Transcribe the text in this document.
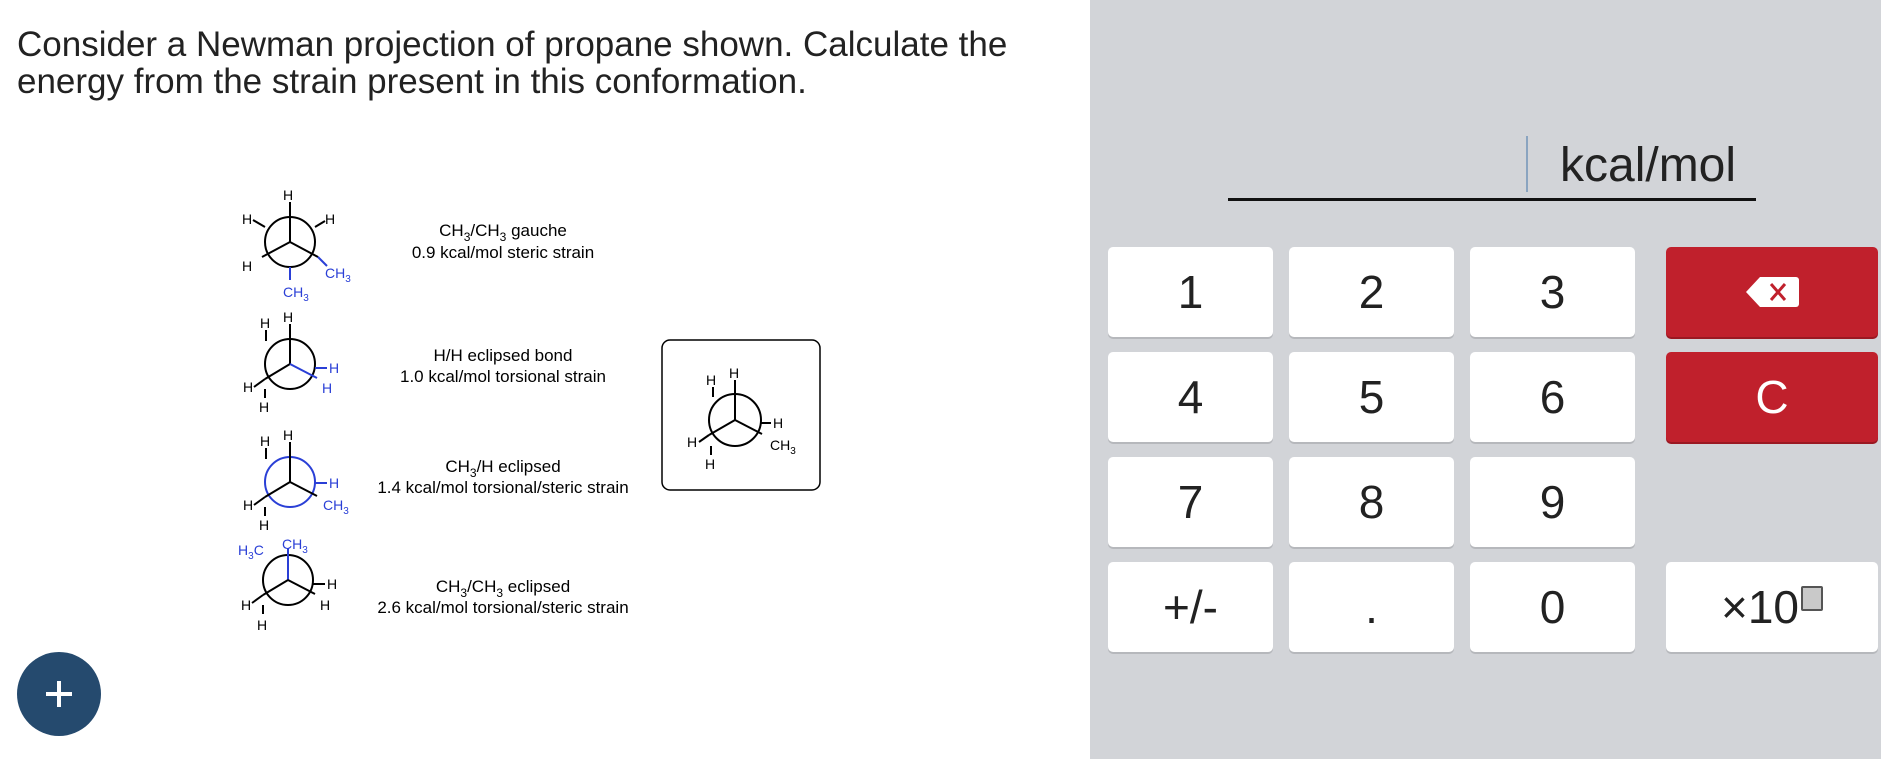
Consider a Newman projection of propane shown. Calculate the energy from the strain present in this conformation.
H
H	H
H	$CH_3$
$CH_3$
$CH_3/CH_3$ gauche
0.9 kcal/mol steric strain
H
H
H
H
H
H
H/H eclipsed bond
1.0 kcal/mol torsional strain
H
H
H
$CH_3$
H
H
$CH_3/H$ eclipsed
1.4 kcal/mol torsional/steric strain
$H_3C$ $CH_3$
H
H
H
H
$CH_3/CH_3$ eclipsed
2.6 kcal/mol torsional/steric strain
H
H
H
$CH_3$
H
H
kcal/mol
1	2	3
4	5	6	C
7	8	9
+/-	.	0	×10
